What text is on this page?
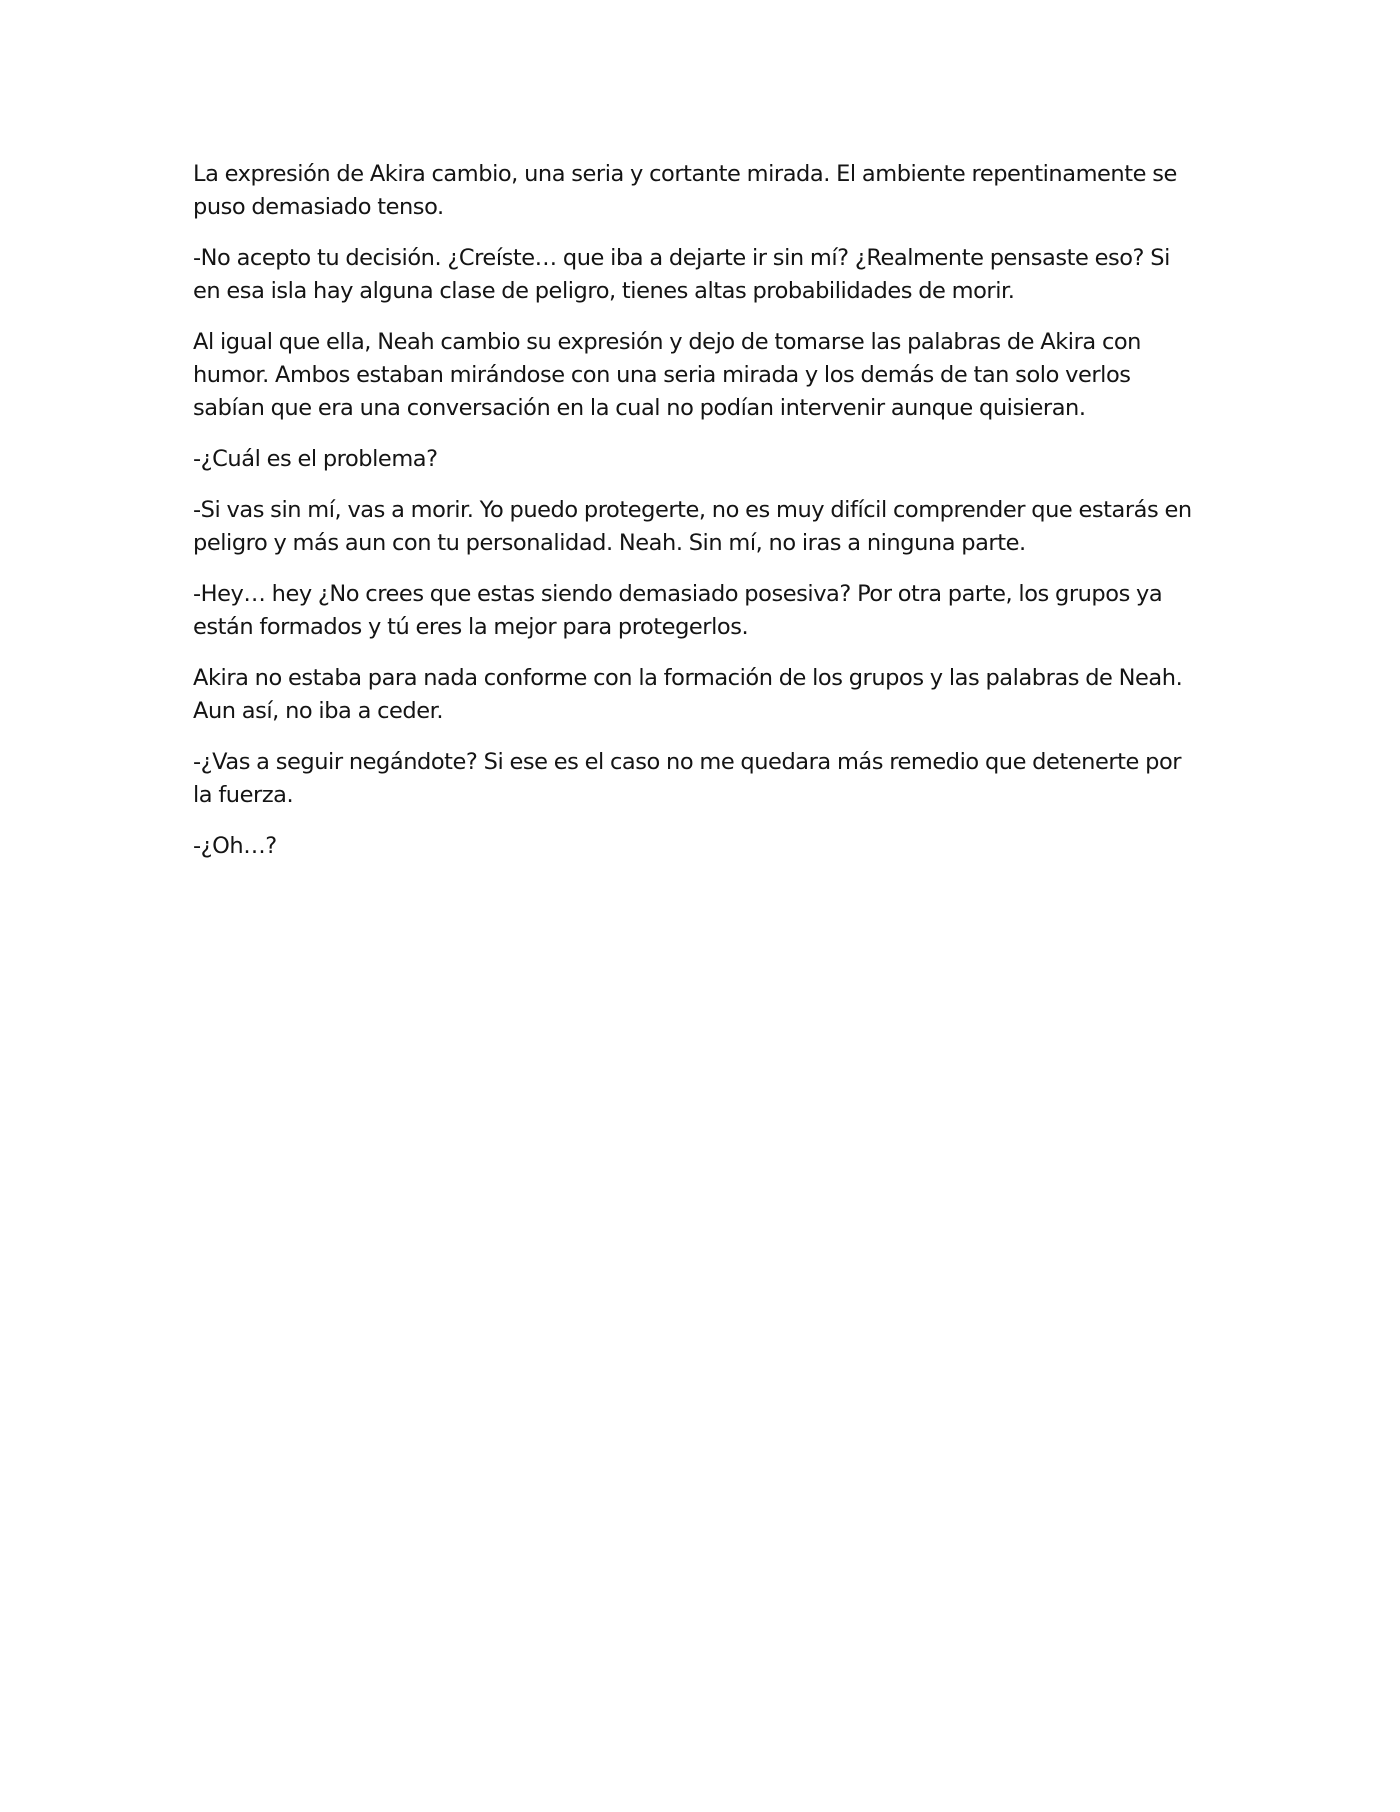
La expresión de Akira cambio, una seria y cortante mirada. El ambiente repentinamente se puso demasiado tenso.

-No acepto tu decisión. ¿Creíste… que iba a dejarte ir sin mí? ¿Realmente pensaste eso? Si en esa isla hay alguna clase de peligro, tienes altas probabilidades de morir.

Al igual que ella, Neah cambio su expresión y dejo de tomarse las palabras de Akira con humor. Ambos estaban mirándose con una seria mirada y los demás de tan solo verlos sabían que era una conversación en la cual no podían intervenir aunque quisieran.

-¿Cuál es el problema?

-Si vas sin mí, vas a morir. Yo puedo protegerte, no es muy difícil comprender que estarás en peligro y más aun con tu personalidad. Neah. Sin mí, no iras a ninguna parte.

-Hey… hey ¿No crees que estas siendo demasiado posesiva? Por otra parte, los grupos ya están formados y tú eres la mejor para protegerlos.

Akira no estaba para nada conforme con la formación de los grupos y las palabras de Neah. Aun así, no iba a ceder.

-¿Vas a seguir negándote? Si ese es el caso no me quedara más remedio que detenerte por la fuerza.

-¿Oh…?
